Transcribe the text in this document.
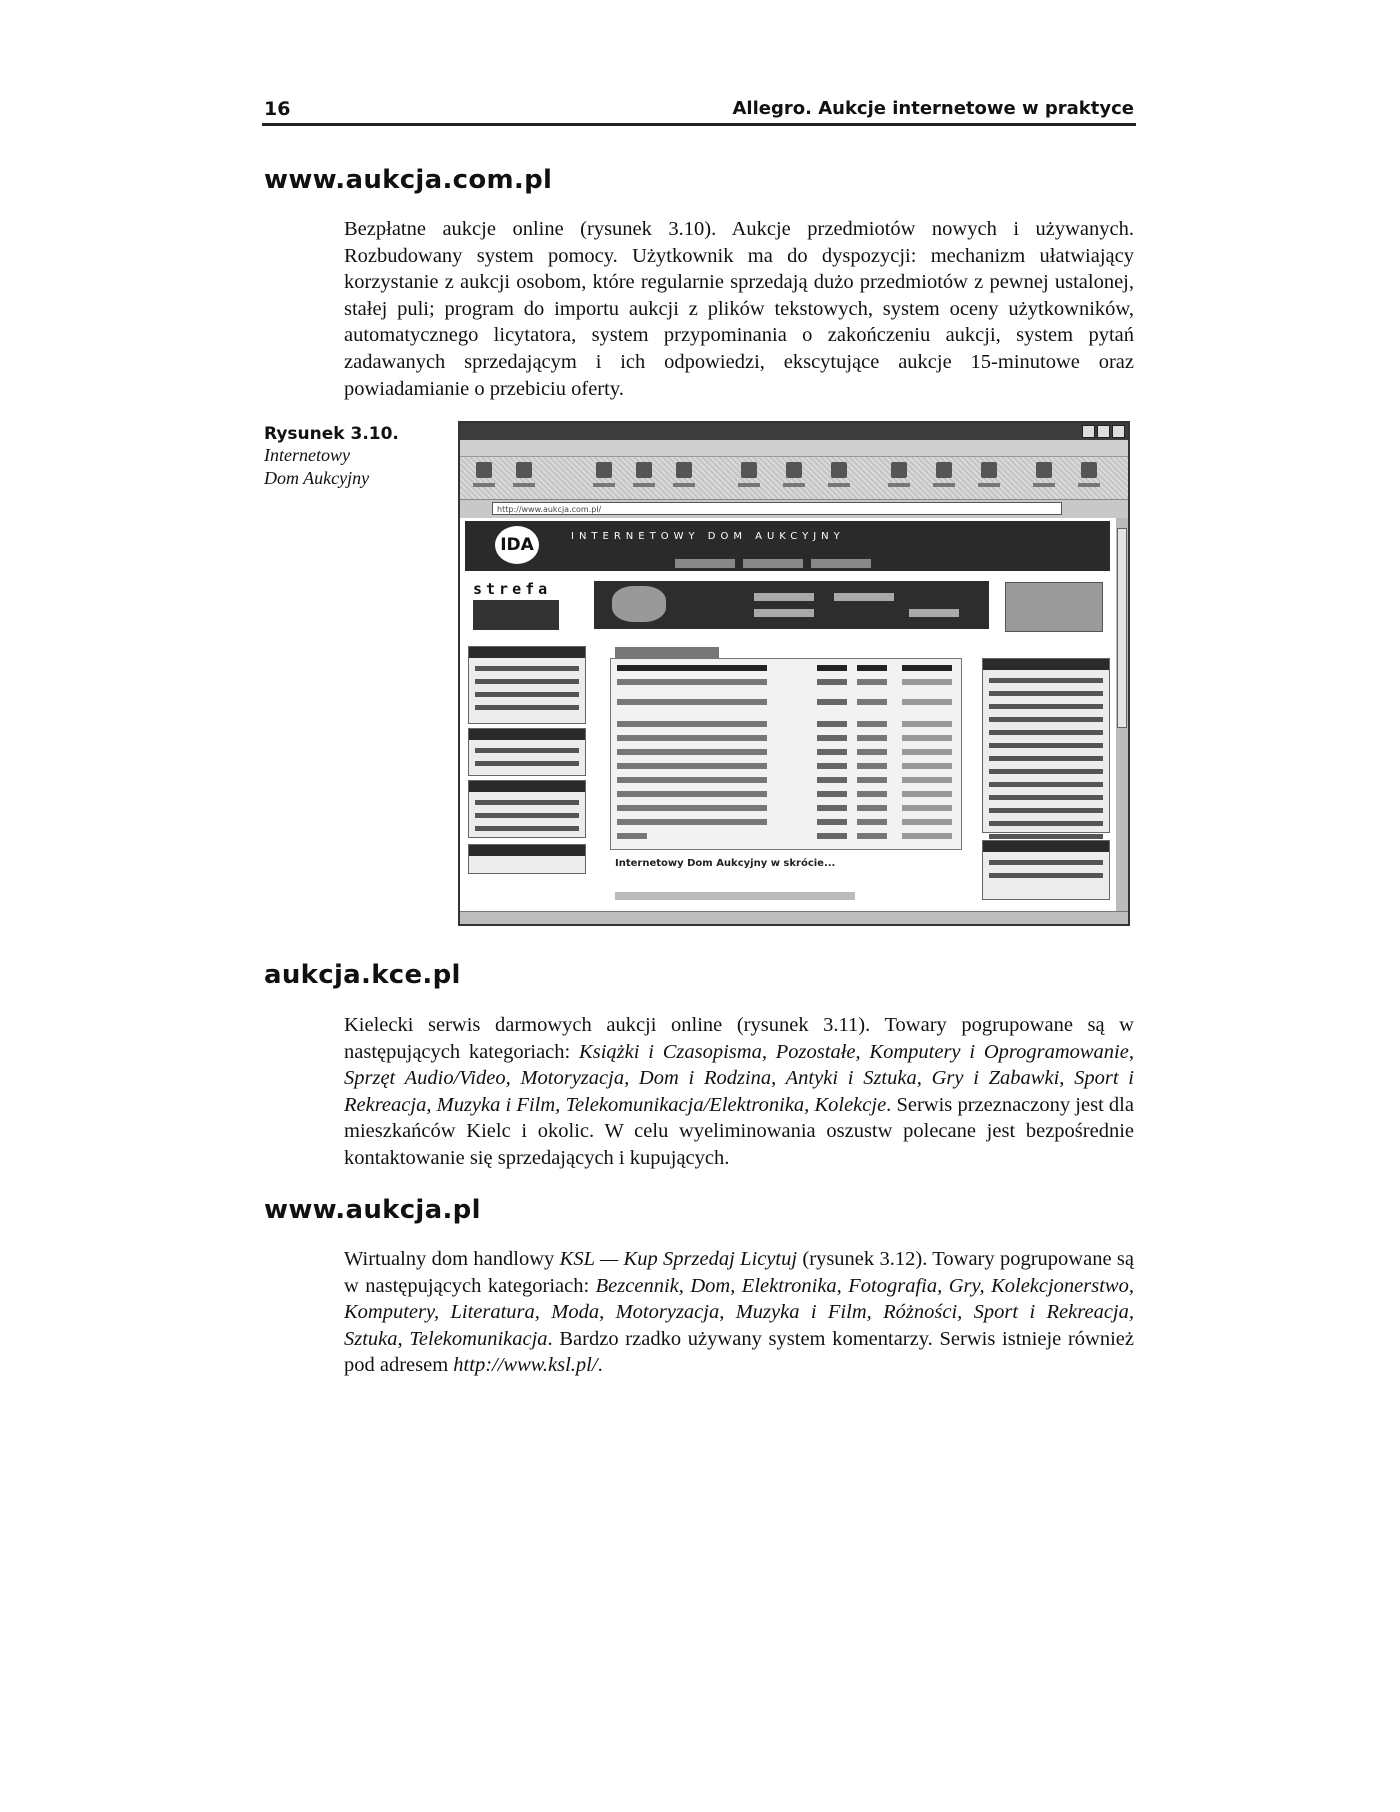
16	Allegro. Aukcje internetowe w praktyce
www.aukcja.com.pl

Bezpłatne aukcje online (rysunek 3.10). Aukcje przedmiotów nowych i używanych. Rozbudowany system pomocy. Użytkownik ma do dyspozycji: mechanizm ułatwiający korzystanie z aukcji osobom, które regularnie sprzedają dużo przedmiotów z pewnej ustalonej, stałej puli; program do importu aukcji z plików tekstowych, system oceny użytkowników, automatycznego licytatora, system przypominania o zakończeniu aukcji, system pytań zadawanych sprzedającym i ich odpowiedzi, ekscytujące aukcje 15-minutowe oraz powiadamianie o przebiciu oferty.

Rysunek 3.10.
Internetowy
Dom Aukcyjny
http://www.aukcja.com.pl/
IDA	INTERNETOWY DOM AUKCYJNY
strefa
Internetowy Dom Aukcyjny w skrócie...
aukcja.kce.pl

Kielecki serwis darmowych aukcji online (rysunek 3.11). Towary pogrupowane są w następujących kategoriach: Książki i Czasopisma, Pozostałe, Komputery i Oprogramowanie, Sprzęt Audio/Video, Motoryzacja, Dom i Rodzina, Antyki i Sztuka, Gry i Zabawki, Sport i Rekreacja, Muzyka i Film, Telekomunikacja/Elektronika, Kolekcje. Serwis przeznaczony jest dla mieszkańców Kielc i okolic. W celu wyeliminowania oszustw polecane jest bezpośrednie kontaktowanie się sprzedających i kupujących.

www.aukcja.pl

Wirtualny dom handlowy KSL — Kup Sprzedaj Licytuj (rysunek 3.12). Towary pogrupowane są w następujących kategoriach: Bezcennik, Dom, Elektronika, Fotografia, Gry, Kolekcjonerstwo, Komputery, Literatura, Moda, Motoryzacja, Muzyka i Film, Różności, Sport i Rekreacja, Sztuka, Telekomunikacja. Bardzo rzadko używany system komentarzy. Serwis istnieje również pod adresem http://www.ksl.pl/.
